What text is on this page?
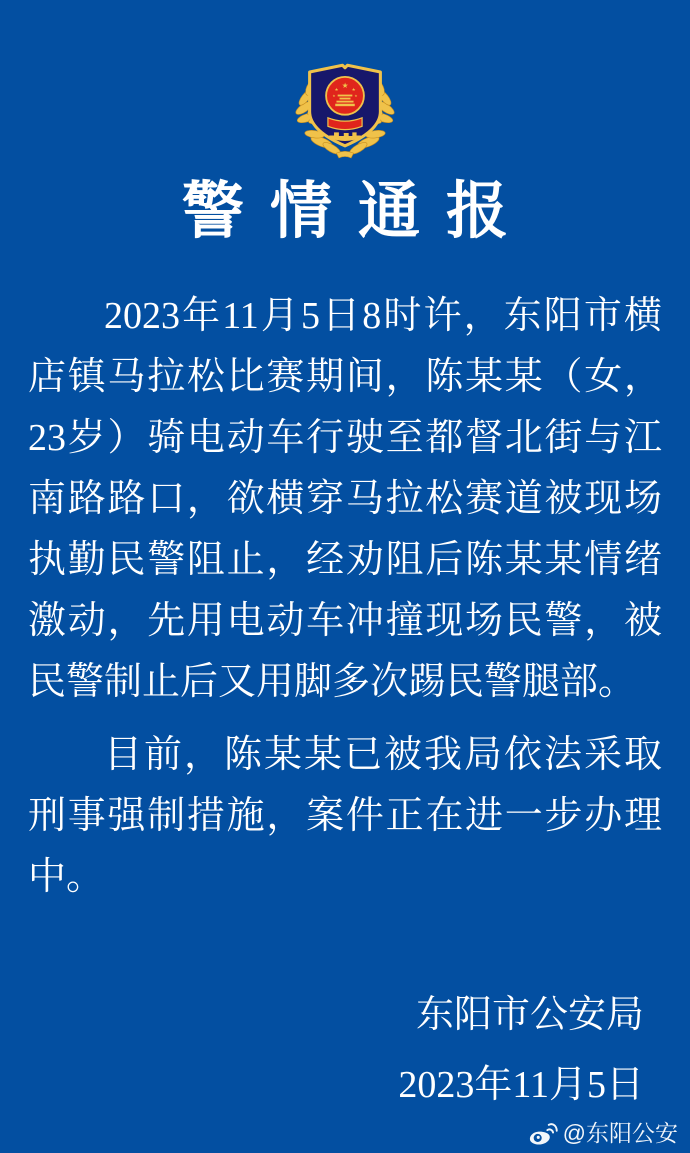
★
★ ★
★	★
警情通报

2023年11月5日8时许，东阳市横店镇马拉松比赛期间，陈某某（女，23岁）骑电动车行驶至都督北街与江南路路口，欲横穿马拉松赛道被现场执勤民警阻止，经劝阻后陈某某情绪激动，先用电动车冲撞现场民警，被民警制止后又用脚多次踢民警腿部。

目前，陈某某已被我局依法采取刑事强制措施，案件正在进一步办理中。

东阳市公安局
2023年11月5日
@东阳公安
